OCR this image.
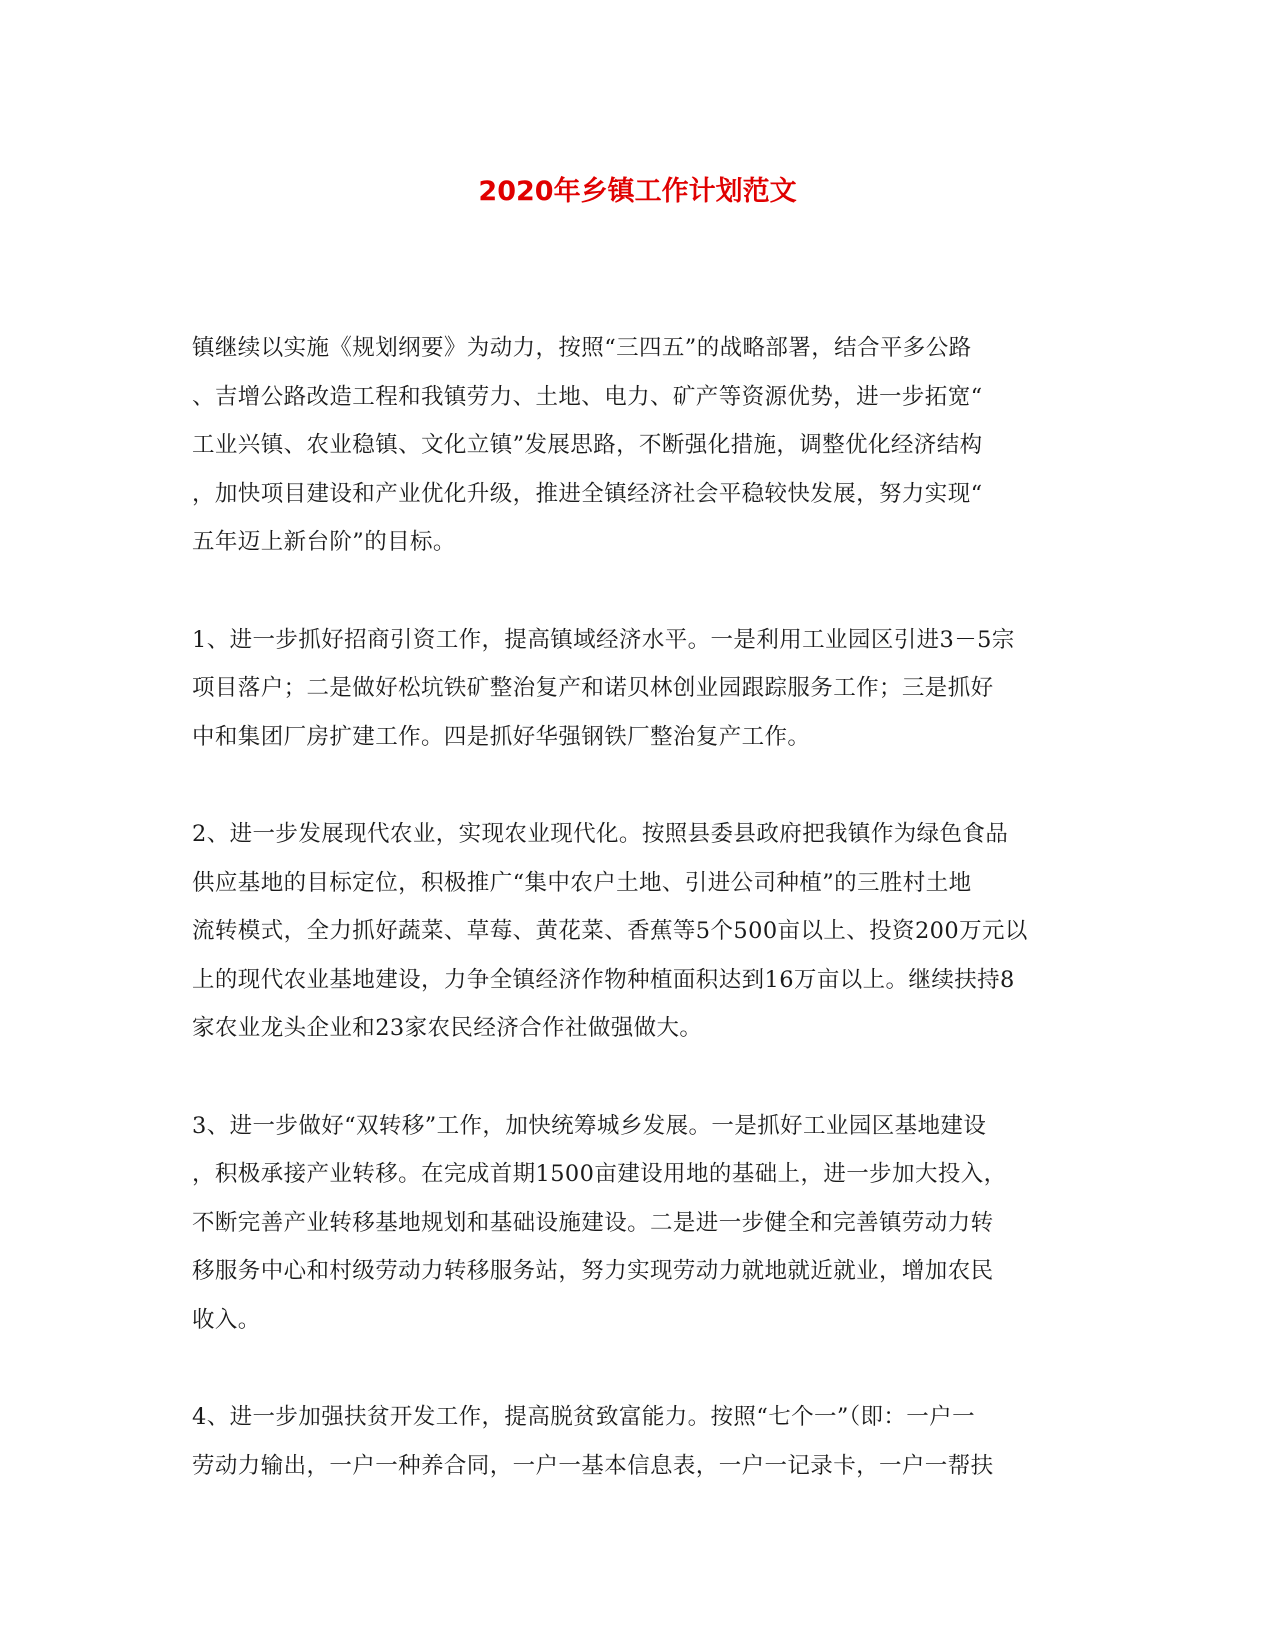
2020年乡镇工作计划范文

镇继续以实施《规划纲要》为动力，按照“三四五”的战略部署，结合平多公路
、吉增公路改造工程和我镇劳力、土地、电力、矿产等资源优势，进一步拓宽“
工业兴镇、农业稳镇、文化立镇”发展思路，不断强化措施，调整优化经济结构
，加快项目建设和产业优化升级，推进全镇经济社会平稳较快发展，努力实现“
五年迈上新台阶”的目标。

1、进一步抓好招商引资工作，提高镇域经济水平。一是利用工业园区引进3－5宗
项目落户；二是做好松坑铁矿整治复产和诺贝林创业园跟踪服务工作；三是抓好
中和集团厂房扩建工作。四是抓好华强钢铁厂整治复产工作。

2、进一步发展现代农业，实现农业现代化。按照县委县政府把我镇作为绿色食品
供应基地的目标定位，积极推广“集中农户土地、引进公司种植”的三胜村土地
流转模式，全力抓好蔬菜、草莓、黄花菜、香蕉等5个500亩以上、投资200万元以
上的现代农业基地建设，力争全镇经济作物种植面积达到16万亩以上。继续扶持8
家农业龙头企业和23家农民经济合作社做强做大。

3、进一步做好“双转移”工作，加快统筹城乡发展。一是抓好工业园区基地建设
，积极承接产业转移。在完成首期1500亩建设用地的基础上，进一步加大投入，
不断完善产业转移基地规划和基础设施建设。二是进一步健全和完善镇劳动力转
移服务中心和村级劳动力转移服务站，努力实现劳动力就地就近就业，增加农民
收入。

4、进一步加强扶贫开发工作，提高脱贫致富能力。按照“七个一”（即：一户一
劳动力输出，一户一种养合同，一户一基本信息表，一户一记录卡，一户一帮扶
